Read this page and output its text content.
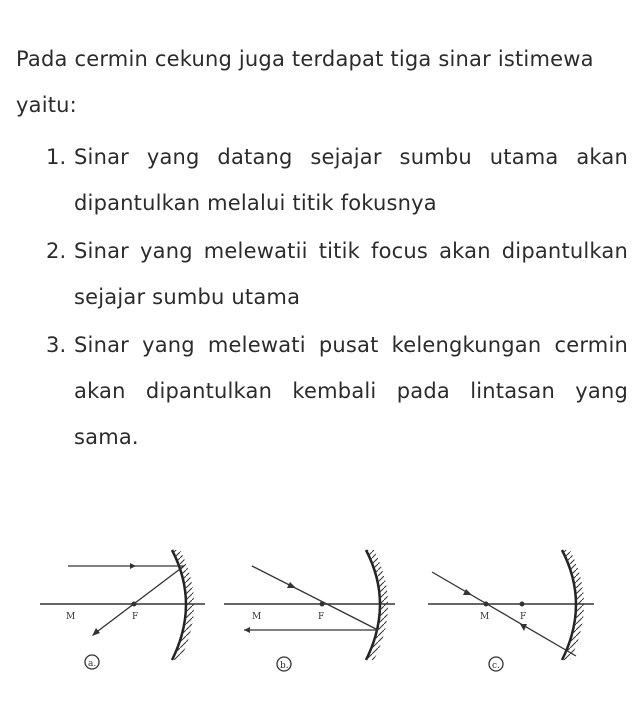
Pada cermin cekung juga terdapat tiga sinar istimewa yaitu:

1. Sinar yang datang sejajar sumbu utama akan dipantulkan melalui titik fokusnya
2. Sinar yang melewatii titik focus akan dipantulkan sejajar sumbu utama
3. Sinar yang melewati pusat kelengkungan cermin akan dipantulkan kembali pada lintasan yang sama.
M	F
a.
M	F
b.
M	F
c.
